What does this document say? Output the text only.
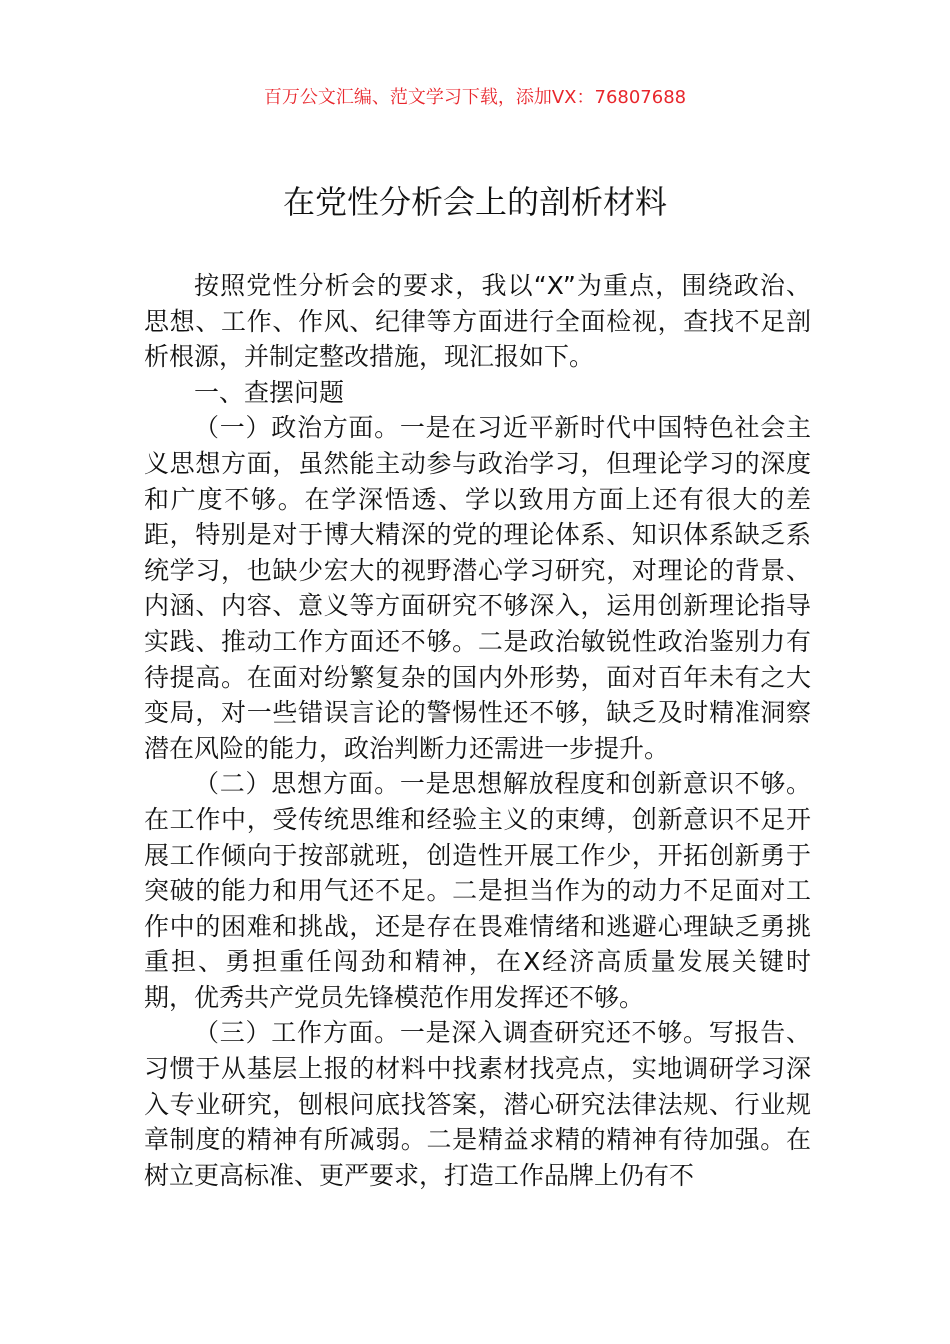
百万公文汇编、范文学习下载，添加VX：76807688
在党性分析会上的剖析材料

按照党性分析会的要求，我以“X”为重点，围绕政治、思想、工作、作风、纪律等方面进行全面检视，查找不足剖析根源，并制定整改措施，现汇报如下。

一、查摆问题

（一）政治方面。一是在习近平新时代中国特色社会主义思想方面，虽然能主动参与政治学习，但理论学习的深度和广度不够。在学深悟透、学以致用方面上还有很大的差距，特别是对于博大精深的党的理论体系、知识体系缺乏系统学习，也缺少宏大的视野潜心学习研究，对理论的背景、内涵、内容、意义等方面研究不够深入，运用创新理论指导实践、推动工作方面还不够。二是政治敏锐性政治鉴别力有待提高。在面对纷繁复杂的国内外形势，面对百年未有之大变局，对一些错误言论的警惕性还不够，缺乏及时精准洞察潜在风险的能力，政治判断力还需进一步提升。

（二）思想方面。一是思想解放程度和创新意识不够。在工作中，受传统思维和经验主义的束缚，创新意识不足开展工作倾向于按部就班，创造性开展工作少，开拓创新勇于突破的能力和用气还不足。二是担当作为的动力不足面对工作中的困难和挑战，还是存在畏难情绪和逃避心理缺乏勇挑重担、勇担重任闯劲和精神，在X经济高质量发展关键时期，优秀共产党员先锋模范作用发挥还不够。

（三）工作方面。一是深入调查研究还不够。写报告、习惯于从基层上报的材料中找素材找亮点，实地调研学习深入专业研究，刨根问底找答案，潜心研究法律法规、行业规章制度的精神有所减弱。二是精益求精的精神有待加强。在树立更高标准、更严要求，打造工作品牌上仍有不
